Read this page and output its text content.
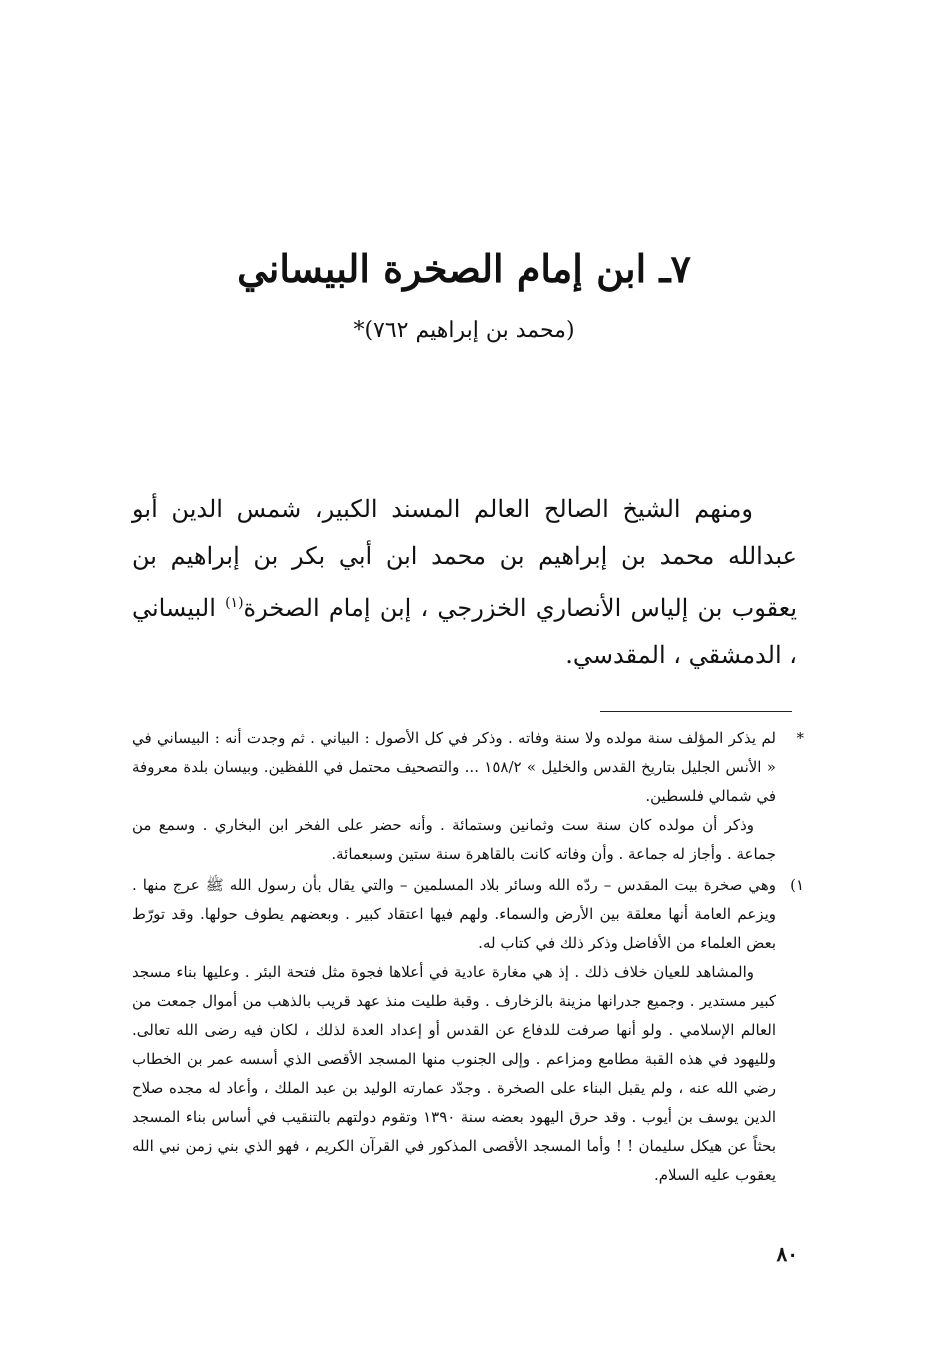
٧ـ ابن إمام الصخرة البيساني
(محمد بن إبراهيم ٧٦٢)*

ومنهم الشيخ الصالح العالم المسند الكبير، شمس الدين أبو عبدالله محمد بن إبراهيم بن محمد ابن أبي بكر بن إبراهيم بن يعقوب بن إلياس الأنصاري الخزرجي ، إبن إمام الصخرة$^{(١)}$ البيساني ، الدمشقي ، المقدسي.

*

لم يذكر المؤلف سنة مولده ولا سنة وفاته . وذكر في كل الأصول : البياني . ثم وجدت أنه : البيساني في « الأنس الجليل بتاريخ القدس والخليل » ١٥٨/٢ ... والتصحيف محتمل في اللفظين. وبيسان بلدة معروفة في شمالي فلسطين.

وذكر أن مولده كان سنة ست وثمانين وستمائة . وأنه حضر على الفخر ابن البخاري . وسمع من جماعة . وأجاز له جماعة . وأن وفاته كانت بالقاهرة سنة ستين وسبعمائة.

١)

وهي صخرة بيت المقدس – ردّه الله وسائر بلاد المسلمين – والتي يقال بأن رسول الله ﷺ عرج منها . ويزعم العامة أنها معلقة بين الأرض والسماء. ولهم فيها اعتقاد كبير . وبعضهم يطوف حولها. وقد تورّط بعض العلماء من الأفاضل وذكر ذلك في كتاب له.

والمشاهد للعيان خلاف ذلك . إذ هي مغارة عادية في أعلاها فجوة مثل فتحة البئر . وعليها بناء مسجد كبير مستدير . وجميع جدرانها مزينة بالزخارف . وقبة طليت منذ عهد قريب بالذهب من أموال جمعت من العالم الإسلامي . ولو أنها صرفت للدفاع عن القدس أو إعداد العدة لذلك ، لكان فيه رضى الله تعالى. ولليهود في هذه القبة مطامع ومزاعم . وإلى الجنوب منها المسجد الأقصى الذي أسسه عمر بن الخطاب رضي الله عنه ، ولم يقبل البناء على الصخرة . وجدّد عمارته الوليد بن عبد الملك ، وأعاد له مجده صلاح الدين يوسف بن أيوب . وقد حرق اليهود بعضه سنة ١٣٩٠ وتقوم دولتهم بالتنقيب في أساس بناء المسجد بحثاً عن هيكل سليمان ! ! وأما المسجد الأقصى المذكور في القرآن الكريم ، فهو الذي بني زمن نبي الله يعقوب عليه السلام.

٨٠
